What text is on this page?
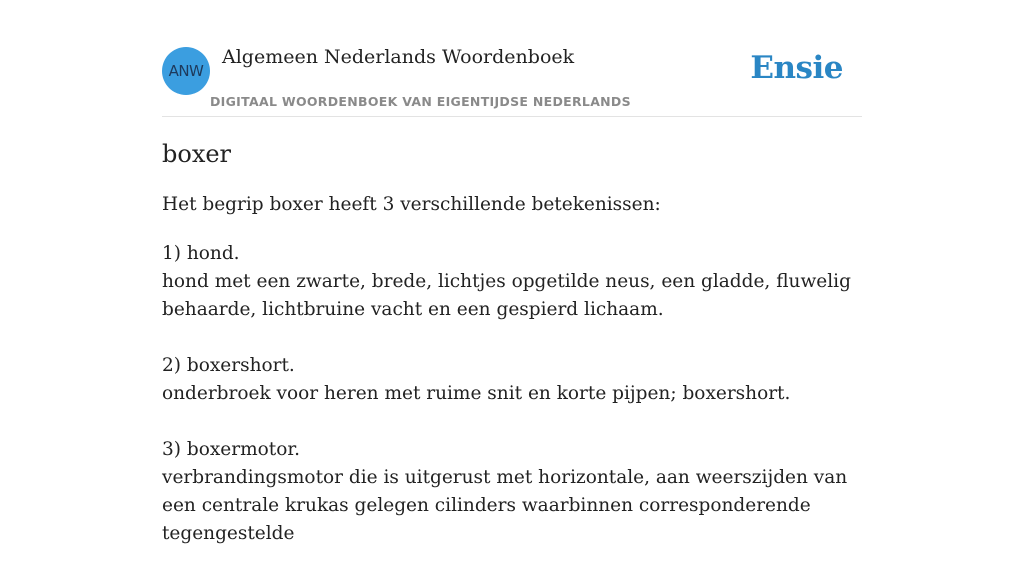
ANW
Algemeen Nederlands Woordenboek
DIGITAAL WOORDENBOEK VAN EIGENTIJDSE NEDERLANDS
Ensie
boxer
Het begrip boxer heeft 3 verschillende betekenissen:
1) hond.
hond met een zwarte, brede, lichtjes opgetilde neus, een gladde, fluwelig behaarde, lichtbruine vacht en een gespierd lichaam.
2) boxershort.
onderbroek voor heren met ruime snit en korte pijpen; boxershort.
3) boxermotor.
verbrandingsmotor die is uitgerust met horizontale, aan weerszijden van een centrale krukas gelegen cilinders waarbinnen corresponderende tegengestelde
